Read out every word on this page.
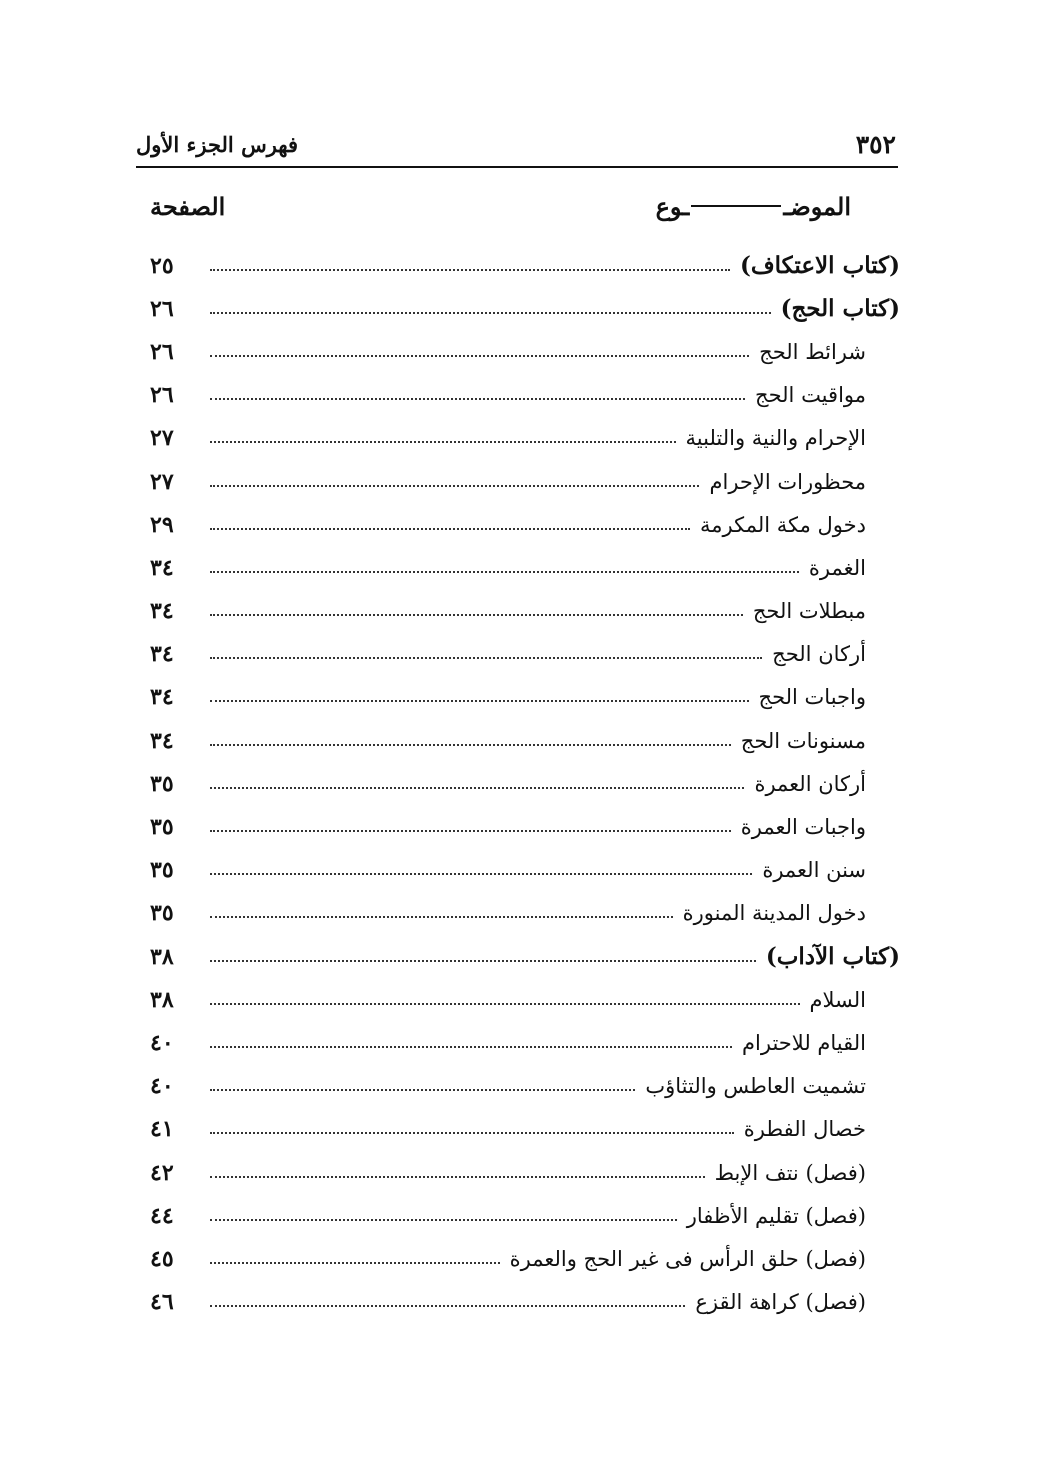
٣٥٢
فهرس الجزء الأول
الموضــوع
الصفحة
(كتاب الاعتكاف)
٢٥
(كتاب الحج)
٢٦
شرائط الحج
٢٦
مواقيت الحج
٢٦
الإحرام والنية والتلبية
٢٧
محظورات الإحرام
٢٧
دخول مكة المكرمة
٢٩
الغمرة
٣٤
مبطلات الحج
٣٤
أركان الحج
٣٤
واجبات الحج
٣٤
مسنونات الحج
٣٤
أركان العمرة
٣٥
واجبات العمرة
٣٥
سنن العمرة
٣٥
دخول المدينة المنورة
٣٥
(كتاب الآداب)
٣٨
السلام
٣٨
القيام للاحترام
٤٠
تشميت العاطس والتثاؤب
٤٠
خصال الفطرة
٤١
(فصل) نتف الإبط
٤٢
(فصل) تقليم الأظفار
٤٤
(فصل) حلق الرأس فى غير الحج والعمرة
٤٥
(فصل) كراهة القزع
٤٦
